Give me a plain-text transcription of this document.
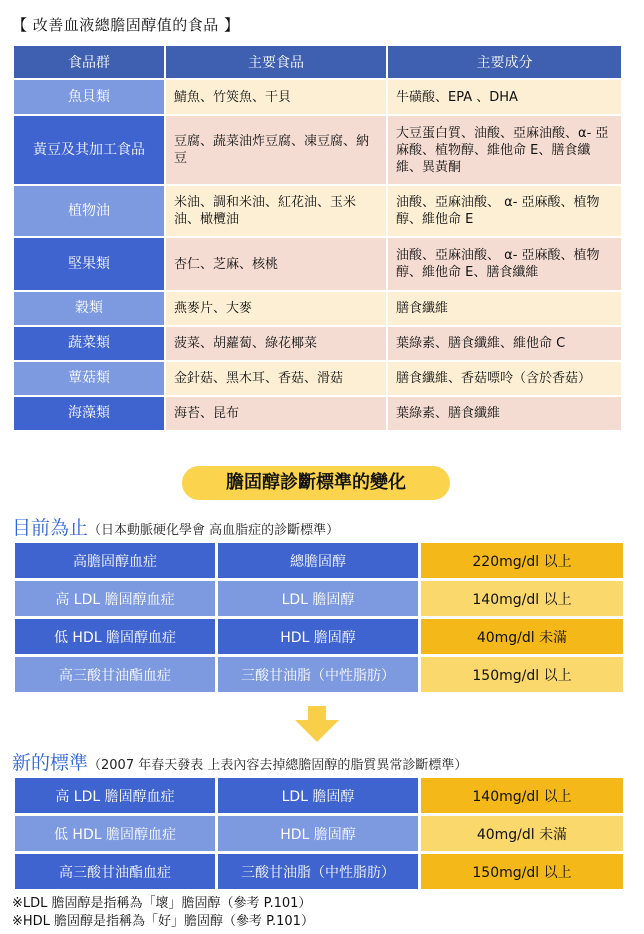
【 改善血液總膽固醇值的食品 】
食品群	主要食品	主要成分
魚貝類	鯖魚、竹筴魚、干貝	牛磺酸、EPA 、DHA
黃豆及其加工食品	豆腐、蔬菜油炸豆腐、凍豆腐、納豆	大豆蛋白質、油酸、亞麻油酸、α- 亞麻酸、植物醇、維他命 E、膳食纖維、異黃酮
植物油	米油、調和米油、紅花油、玉米油、橄欖油	油酸、亞麻油酸、 α- 亞麻酸、植物醇、維他命 E
堅果類	杏仁、芝麻、核桃	油酸、亞麻油酸、 α- 亞麻酸、植物醇、維他命 E、膳食纖維
穀類	燕麥片、大麥	膳食纖維
蔬菜類	菠菜、胡蘿蔔、綠花椰菜	葉綠素、膳食纖維、維他命 C
蕈菇類	金針菇、黑木耳、香菇、滑菇	膳食纖維、香菇嘌呤（含於香菇）
海藻類	海苔、昆布	葉綠素、膳食纖維
膽固醇診斷標準的變化
目前為止（日本動脈硬化學會 高血脂症的診斷標準）
高膽固醇血症	總膽固醇	220mg/dl 以上
高 LDL 膽固醇血症	LDL 膽固醇	140mg/dl 以上
低 HDL 膽固醇血症	HDL 膽固醇	40mg/dl 未滿
高三酸甘油酯血症	三酸甘油脂（中性脂肪）	150mg/dl 以上
新的標準（2007 年春天發表 上表內容去掉總膽固醇的脂質異常診斷標準）
高 LDL 膽固醇血症	LDL 膽固醇	140mg/dl 以上
低 HDL 膽固醇血症	HDL 膽固醇	40mg/dl 未滿
高三酸甘油酯血症	三酸甘油脂（中性脂肪）	150mg/dl 以上
※LDL 膽固醇是指稱為「壞」膽固醇（參考 P.101）
※HDL 膽固醇是指稱為「好」膽固醇（參考 P.101）
